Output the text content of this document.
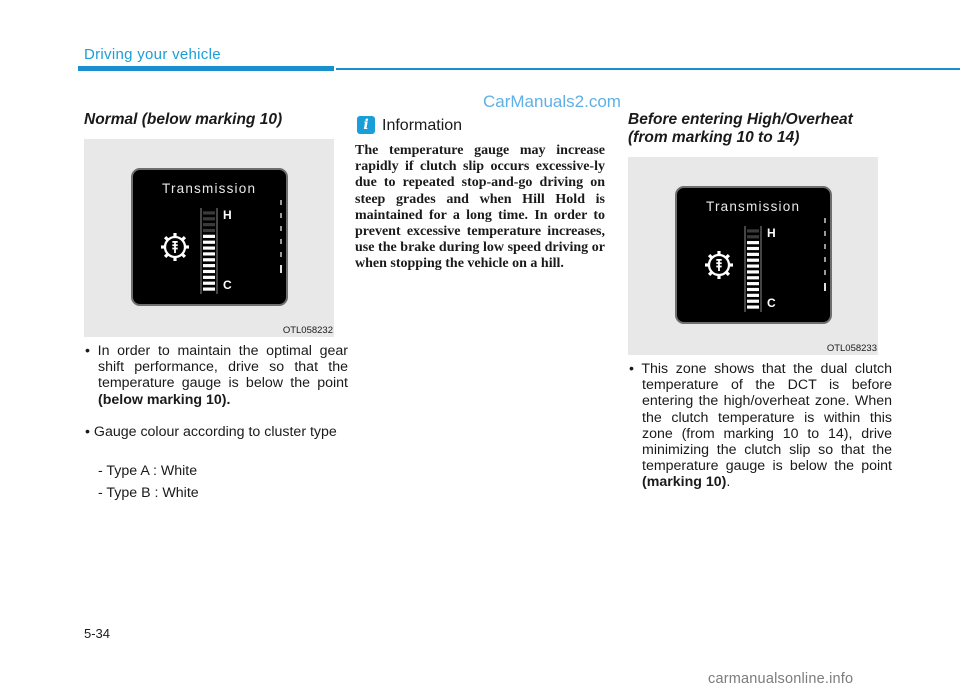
Driving your vehicle
CarManuals2.com
Normal (below marking 10)
Transmission
H
C
OTL058232
• In order to maintain the optimal gear shift performance, drive so that the temperature gauge is below the point (below marking 10).
• Gauge colour according to cluster type
- Type A : White
- Type B : White
i Information
The temperature gauge may increase rapidly if clutch slip occurs excessive-ly due to repeated stop-and-go driving on steep grades and when Hill Hold is maintained for a long time. In order to prevent excessive temperature increases, use the brake during low speed driving or when stopping the vehicle on a hill.
Before entering High/Overheat (from marking 10 to 14)
Transmission
H
C
OTL058233
• This zone shows that the dual clutch temperature of the DCT is before entering the high/overheat zone. When the clutch temperature is within this zone (from marking 10 to 14), drive minimizing the clutch slip so that the temperature gauge is below the point (marking 10).
5-34
carmanualsonline.info
